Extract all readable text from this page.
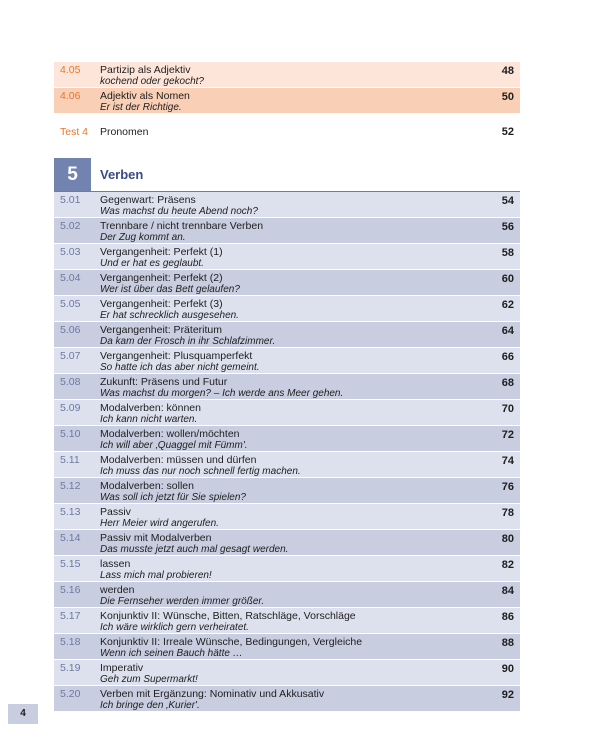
4.05 Partizip als Adjektiv
kochend oder gekocht?
48
4.06 Adjektiv als Nomen
Er ist der Richtige.
50
Test 4 Pronomen	52
5	Verben
5.01 Gegenwart: Präsens
Was machst du heute Abend noch?
54
5.02 Trennbare / nicht trennbare Verben
Der Zug kommt an.
56
5.03 Vergangenheit: Perfekt (1)
Und er hat es geglaubt.
58
5.04 Vergangenheit: Perfekt (2)
Wer ist über das Bett gelaufen?
60
5.05 Vergangenheit: Perfekt (3)
Er hat schrecklich ausgesehen.
62
5.06 Vergangenheit: Präteritum
Da kam der Frosch in ihr Schlafzimmer.
64
5.07 Vergangenheit: Plusquamperfekt
So hatte ich das aber nicht gemeint.
66
5.08 Zukunft: Präsens und Futur
Was machst du morgen? – Ich werde ans Meer gehen.
68
5.09 Modalverben: können
Ich kann nicht warten.
70
5.10 Modalverben: wollen/möchten
Ich will aber ‚Quaggel mit Fümm'.
72
5.11 Modalverben: müssen und dürfen
Ich muss das nur noch schnell fertig machen.
74
5.12 Modalverben: sollen
Was soll ich jetzt für Sie spielen?
76
5.13 Passiv
Herr Meier wird angerufen.
78
5.14 Passiv mit Modalverben
Das musste jetzt auch mal gesagt werden.
80
5.15 lassen
Lass mich mal probieren!
82
5.16 werden
Die Fernseher werden immer größer.
84
5.17 Konjunktiv II: Wünsche, Bitten, Ratschläge, Vorschläge
Ich wäre wirklich gern verheiratet.
86
5.18 Konjunktiv II: Irreale Wünsche, Bedingungen, Vergleiche
Wenn ich seinen Bauch hätte …
88
5.19 Imperativ
Geh zum Supermarkt!
90
5.20 Verben mit Ergänzung: Nominativ und Akkusativ
Ich bringe den ‚Kurier'.
92
4
